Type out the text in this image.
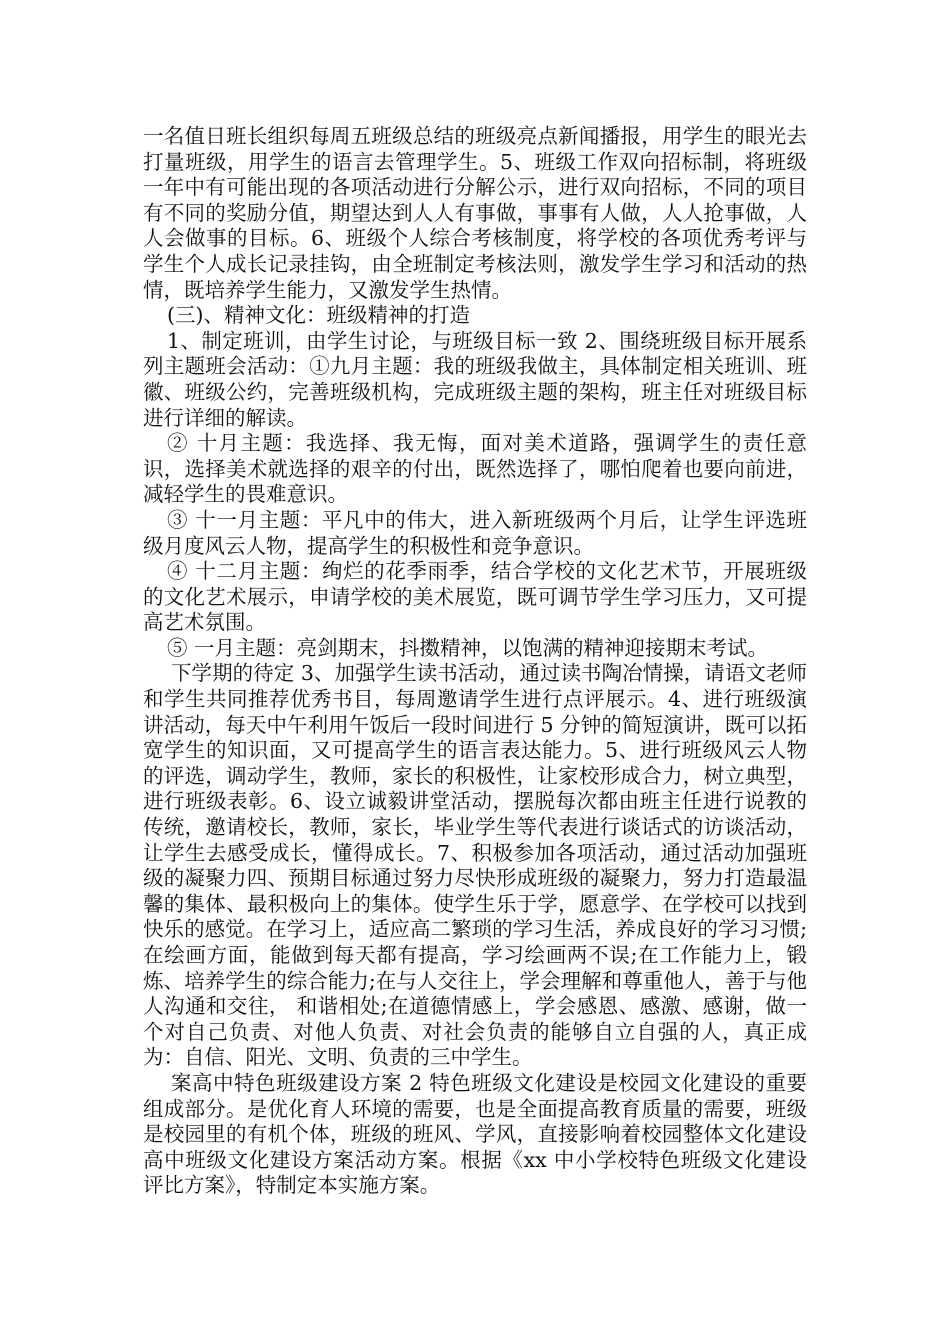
一名值日班长组织每周五班级总结的班级亮点新闻播报，用学生的眼光去打量班级，用学生的语言去管理学生。5、班级工作双向招标制，将班级一年中有可能出现的各项活动进行分解公示，进行双向招标，不同的项目有不同的奖励分值，期望达到人人有事做，事事有人做，人人抢事做，人人会做事的目标。6、班级个人综合考核制度，将学校的各项优秀考评与学生个人成长记录挂钩，由全班制定考核法则，激发学生学习和活动的热情，既培养学生能力，又激发学生热情。

(三)、精神文化：班级精神的打造

1、制定班训，由学生讨论，与班级目标一致 2、围绕班级目标开展系列主题班会活动：①九月主题：我的班级我做主，具体制定相关班训、班徽、班级公约，完善班级机构，完成班级主题的架构，班主任对班级目标进行详细的解读。

② 十月主题：我选择、我无悔，面对美术道路，强调学生的责任意识，选择美术就选择的艰辛的付出，既然选择了，哪怕爬着也要向前进，减轻学生的畏难意识。

③ 十一月主题：平凡中的伟大，进入新班级两个月后，让学生评选班级月度风云人物，提高学生的积极性和竞争意识。

④ 十二月主题：绚烂的花季雨季，结合学校的文化艺术节，开展班级的文化艺术展示，申请学校的美术展览，既可调节学生学习压力，又可提高艺术氛围。

⑤ 一月主题：亮剑期末，抖擞精神，以饱满的精神迎接期末考试。

下学期的待定 3、加强学生读书活动，通过读书陶冶情操，请语文老师和学生共同推荐优秀书目，每周邀请学生进行点评展示。4、进行班级演讲活动，每天中午利用午饭后一段时间进行 5 分钟的简短演讲，既可以拓宽学生的知识面，又可提高学生的语言表达能力。5、进行班级风云人物的评选，调动学生，教师，家长的积极性，让家校形成合力，树立典型，进行班级表彰。6、设立诚毅讲堂活动，摆脱每次都由班主任进行说教的传统，邀请校长，教师，家长，毕业学生等代表进行谈话式的访谈活动，让学生去感受成长，懂得成长。7、积极参加各项活动，通过活动加强班级的凝聚力四、预期目标通过努力尽快形成班级的凝聚力，努力打造最温馨的集体、最积极向上的集体。使学生乐于学，愿意学、在学校可以找到快乐的感觉。在学习上，适应高二繁琐的学习生活，养成良好的学习习惯;在绘画方面，能做到每天都有提高，学习绘画两不误;在工作能力上，锻炼、培养学生的综合能力;在与人交往上，学会理解和尊重他人，善于与他人沟通和交往， 和谐相处;在道德情感上，学会感恩、感激、感谢，做一个对自己负责、对他人负责、对社会负责的能够自立自强的人，真正成为：自信、阳光、文明、负责的三中学生。

案高中特色班级建设方案 2 特色班级文化建设是校园文化建设的重要组成部分。是优化育人环境的需要，也是全面提高教育质量的需要，班级是校园里的有机个体，班级的班风、学风，直接影响着校园整体文化建设高中班级文化建设方案活动方案。根据《xx 中小学校特色班级文化建设评比方案》，特制定本实施方案。
